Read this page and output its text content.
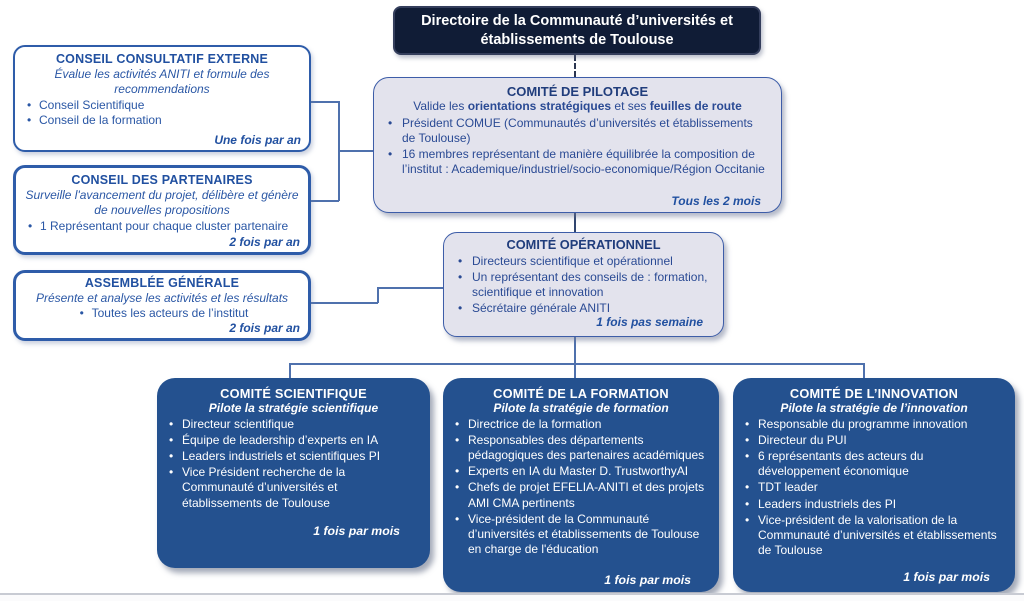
Directoire de la Communauté d’universités et établissements de Toulouse
CONSEIL CONSULTATIF EXTERNE
Évalue les activités ANITI et formule des recommendations
• Conseil Scientifique
• Conseil de la formation
Une fois par an
CONSEIL DES PARTENAIRES
Surveille l'avancement du projet, délibère et génère de nouvelles propositions
• 1 Représentant pour chaque cluster partenaire
2 fois par an
ASSEMBLÉE GÉNÉRALE
Présente et analyse les activités et les résultats
• Toutes les acteurs de l’institut
2 fois par an
COMITÉ DE PILOTAGE
Valide les orientations stratégiques et ses feuilles de route
• Président COMUE (Communautés d’universités et établissements de Toulouse)
• 16 membres représentant de manière équilibrée la composition de l’institut : Academique/industriel/socio-economique/Région Occitanie
Tous les 2 mois
COMITÉ OPÉRATIONNEL
• Directeurs scientifique et opérationnel
• Un représentant des conseils de : formation, scientifique et innovation
• Sécrétaire générale ANITI
1 fois pas semaine
COMITÉ SCIENTIFIQUE
Pilote la stratégie scientifique
• Directeur scientifique
• Équipe de leadership d’experts en IA
• Leaders industriels et scientifiques PI
• Vice Président recherche de la Communauté d’universités et établissements de Toulouse
1 fois par mois
COMITÉ DE LA FORMATION
Pilote la stratégie de formation
• Directrice de la formation
• Responsables des départements pédagogiques des partenaires académiques
• Experts en IA du Master D. TrustworthyAI
• Chefs de projet EFELIA-ANITI et des projets AMI CMA pertinents
• Vice-président de la Communauté d’universités et établissements de Toulouse en charge de l'éducation
1 fois par mois
COMITÉ DE L’INNOVATION
Pilote la stratégie de l’innovation
• Responsable du programme innovation
• Directeur du PUI
• 6 représentants des acteurs du développement économique
• TDT leader
• Leaders industriels des PI
• Vice-président de la valorisation de la Communauté d’universités et établissements de Toulouse
1 fois par mois
